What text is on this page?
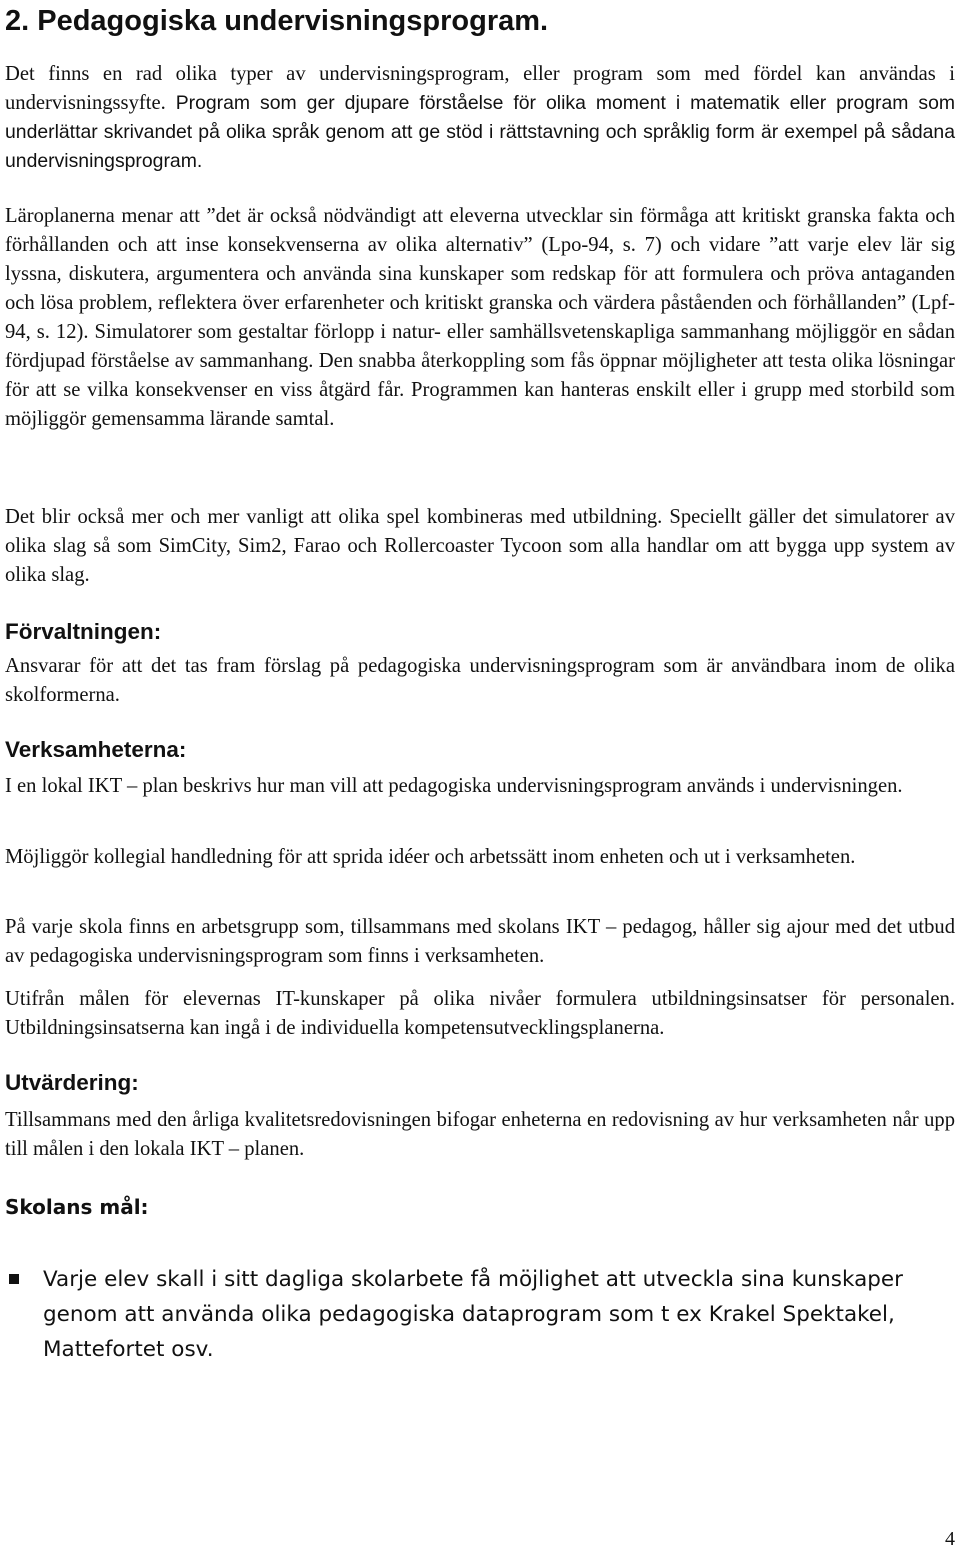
2. Pedagogiska undervisningsprogram.
Det finns en rad olika typer av undervisningsprogram, eller program som med fördel kan användas i undervisningssyfte. Program som ger djupare förståelse för olika moment i matematik eller program som underlättar skrivandet på olika språk genom att ge stöd i rättstavning och språklig form är exempel på sådana undervisningsprogram.

Läroplanerna menar att ”det är också nödvändigt att eleverna utvecklar sin förmåga att kritiskt granska fakta och förhållanden och att inse konsekvenserna av olika alternativ” (Lpo-94, s. 7) och vidare ”att varje elev lär sig lyssna, diskutera, argumentera och använda sina kunskaper som redskap för att formulera och pröva antaganden och lösa problem, reflektera över erfarenheter och kritiskt granska och värdera påståenden och förhållanden” (Lpf-94, s. 12). Simulatorer som gestaltar förlopp i natur- eller samhällsvetenskapliga sammanhang möjliggör en sådan fördjupad förståelse av sammanhang. Den snabba återkoppling som fås öppnar möjligheter att testa olika lösningar för att se vilka konsekvenser en viss åtgärd får. Programmen kan hanteras enskilt eller i grupp med storbild som möjliggör gemensamma lärande samtal.

Det blir också mer och mer vanligt att olika spel kombineras med utbildning. Speciellt gäller det simulatorer av olika slag så som SimCity, Sim2, Farao och Rollercoaster Tycoon som alla handlar om att bygga upp system av olika slag.

Förvaltningen:

Ansvarar för att det tas fram förslag på pedagogiska undervisningsprogram som är användbara inom de olika skolformerna.

Verksamheterna:

I en lokal IKT – plan beskrivs hur man vill att pedagogiska undervisningsprogram används i undervisningen.

Möjliggör kollegial handledning för att sprida idéer och arbetssätt inom enheten och ut i verksamheten.

På varje skola finns en arbetsgrupp som, tillsammans med skolans IKT – pedagog, håller sig ajour med det utbud av pedagogiska undervisningsprogram som finns i verksamheten.

Utifrån målen för elevernas IT-kunskaper på olika nivåer formulera utbildningsinsatser för personalen. Utbildningsinsatserna kan ingå i de individuella kompetensutvecklingsplanerna.

Utvärdering:

Tillsammans med den årliga kvalitetsredovisningen bifogar enheterna en redovisning av hur verksamheten når upp till målen i den lokala IKT – planen.

Skolans mål:

Varje elev skall i sitt dagliga skolarbete få möjlighet att utveckla sina kunskaper genom att använda olika pedagogiska dataprogram som t ex Krakel Spektakel, Mattefortet osv.

4
